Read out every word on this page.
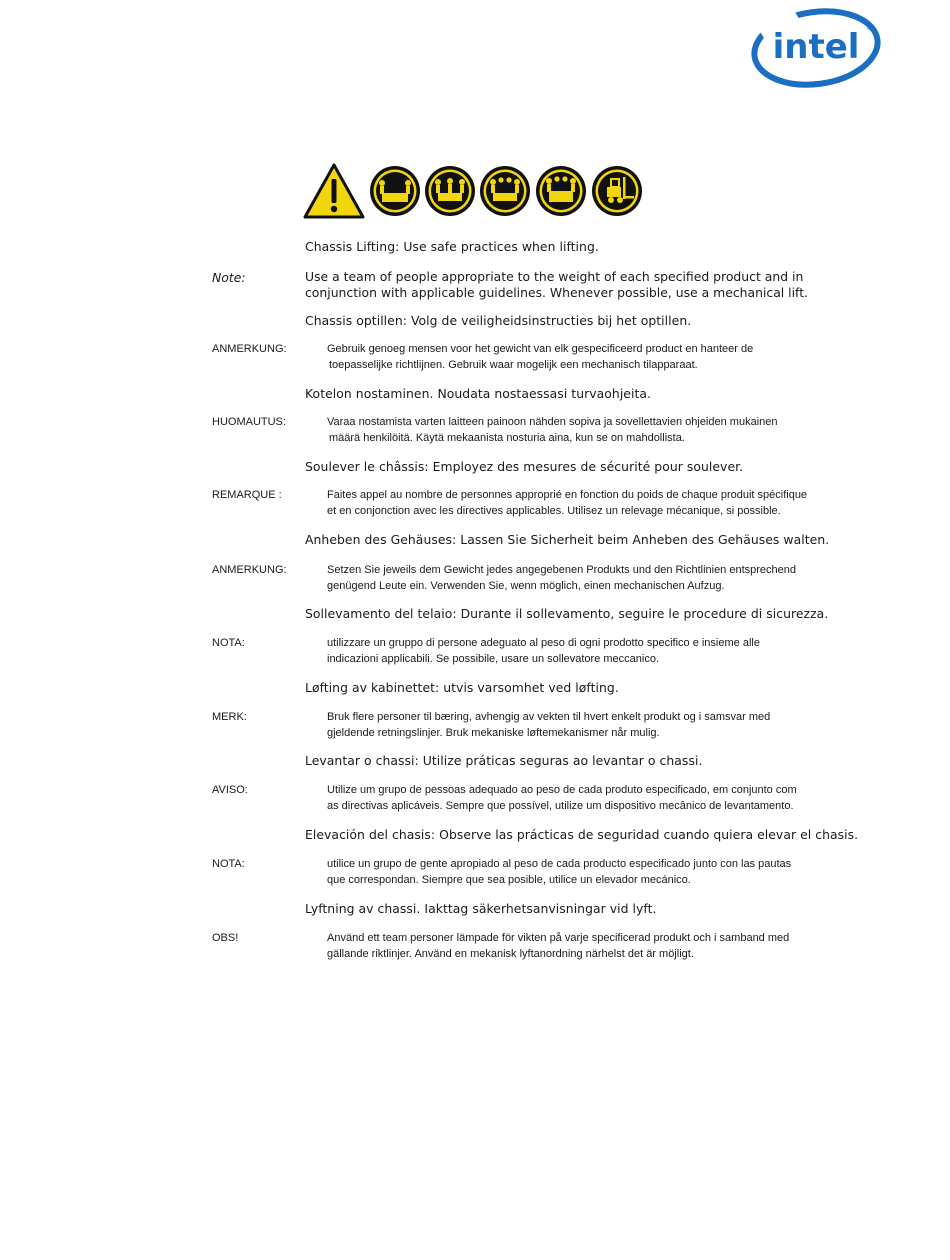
intel ®
Chassis Lifting: Use safe practices when lifting.
Note:	Use a team of people appropriate to the weight of each specified product and in
conjunction with applicable guidelines. Whenever possible, use a mechanical lift.
Chassis optillen: Volg de veiligheidsinstructies bij het optillen.
ANMERKUNG:	Gebruik genoeg mensen voor het gewicht van elk gespecificeerd product en hanteer de
toepasselijke richtlijnen. Gebruik waar mogelijk een mechanisch tilapparaat.
Kotelon nostaminen. Noudata nostaessasi turvaohjeita.
HUOMAUTUS:	Varaa nostamista varten laitteen painoon nähden sopiva ja sovellettavien ohjeiden mukainen
määrä henkilöitä. Käytä mekaanista nosturia aina, kun se on mahdollista.
Soulever le châssis: Employez des mesures de sécurité pour soulever.
REMARQUE :	Faites appel au nombre de personnes approprié en fonction du poids de chaque produit spécifique
et en conjonction avec les directives applicables. Utilisez un relevage mécanique, si possible.
Anheben des Gehäuses: Lassen Sie Sicherheit beim Anheben des Gehäuses walten.
ANMERKUNG:	Setzen Sie jeweils dem Gewicht jedes angegebenen Produkts und den Richtlinien entsprechend
genügend Leute ein. Verwenden Sie, wenn möglich, einen mechanischen Aufzug.
Sollevamento del telaio: Durante il sollevamento, seguire le procedure di sicurezza.
NOTA:	utilizzare un gruppo di persone adeguato al peso di ogni prodotto specifico e insieme alle
indicazioni applicabili. Se possibile, usare un sollevatore meccanico.
Løfting av kabinettet: utvis varsomhet ved løfting.
MERK:	Bruk flere personer til bæring, avhengig av vekten til hvert enkelt produkt og i samsvar med
gjeldende retningslinjer. Bruk mekaniske løftemekanismer når mulig.
Levantar o chassi: Utilize práticas seguras ao levantar o chassi.
AVISO:	Utilize um grupo de pessoas adequado ao peso de cada produto especificado, em conjunto com
as directivas aplicáveis. Sempre que possível, utilize um dispositivo mecânico de levantamento.
Elevación del chasis: Observe las prácticas de seguridad cuando quiera elevar el chasis.
NOTA:	utilice un grupo de gente apropiado al peso de cada producto especificado junto con las pautas
que correspondan. Siempre que sea posible, utilice un elevador mecánico.
Lyftning av chassi. Iakttag säkerhetsanvisningar vid lyft.
OBS!	Använd ett team personer lämpade för vikten på varje specificerad produkt och i samband med
gällande riktlinjer. Använd en mekanisk lyftanordning närhelst det är möjligt.
